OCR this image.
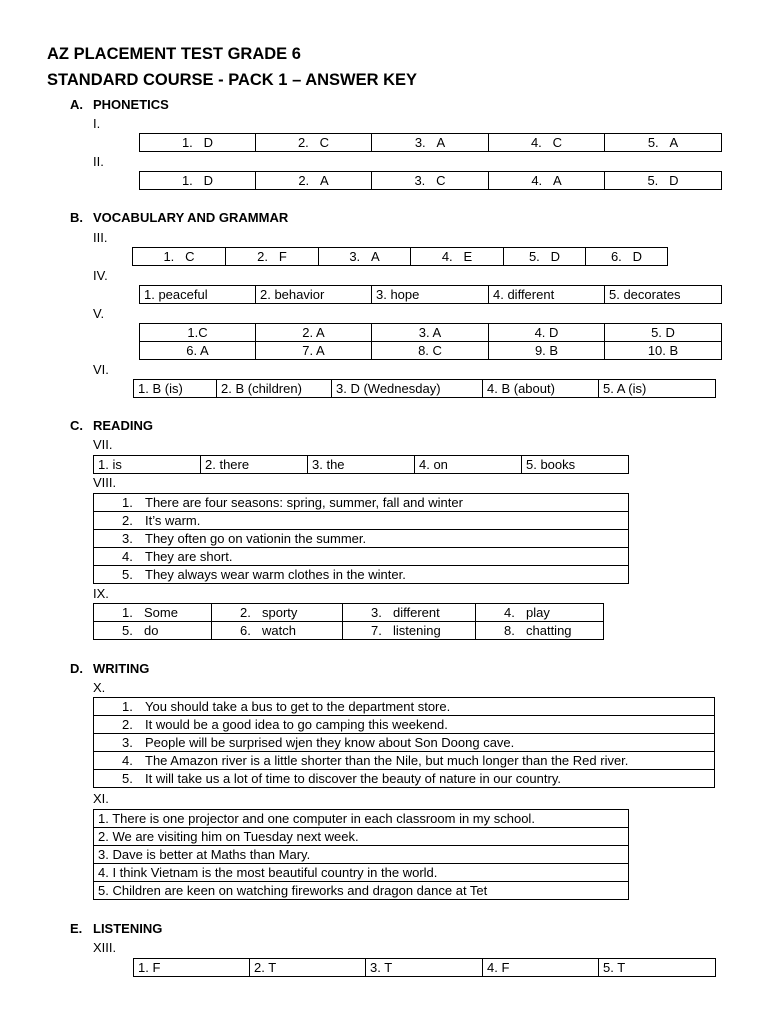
AZ PLACEMENT TEST GRADE 6
STANDARD COURSE - PACK 1 – ANSWER KEY
A. PHONETICS
I.
1. D	2. C	3. A	4. C	5. A
II.
1. D	2. A	3. C	4. A	5. D
B. VOCABULARY AND GRAMMAR
III.
1. C	2. F	3. A	4. E	5. D	6. D
IV.
1. peaceful	2. behavior	3. hope	4. different	5. decorates
V.
1.C	2. A	3. A	4. D	5. D
6. A	7. A	8. C	9. B	10. B
VI.
1. B (is)	2. B (children)	3. D (Wednesday)	4. B (about)	5. A (is)
C. READING
VII.
1. is	2. there	3. the	4. on	5. books
VIII.
1. There are four seasons: spring, summer, fall and winter
2. It’s warm.
3. They often go on vationin the summer.
4. They are short.
5. They always wear warm clothes in the winter.
IX.
1. Some	2. sporty	3. different	4. play
5. do	6. watch	7. listening	8. chatting
D. WRITING
X.
1. You should take a bus to get to the department store.
2. It would be a good idea to go camping this weekend.
3. People will be surprised wjen they know about Son Doong cave.
4. The Amazon river is a little shorter than the Nile, but much longer than the Red river.
5. It will take us a lot of time to discover the beauty of nature in our country.
XI.
1. There is one projector and one computer in each classroom in my school.
2. We are visiting him on Tuesday next week.
3. Dave is better at Maths than Mary.
4. I think Vietnam is the most beautiful country in the world.
5. Children are keen on watching fireworks and dragon dance at Tet
E. LISTENING
XIII.
1. F	2. T	3. T	4. F	5. T
